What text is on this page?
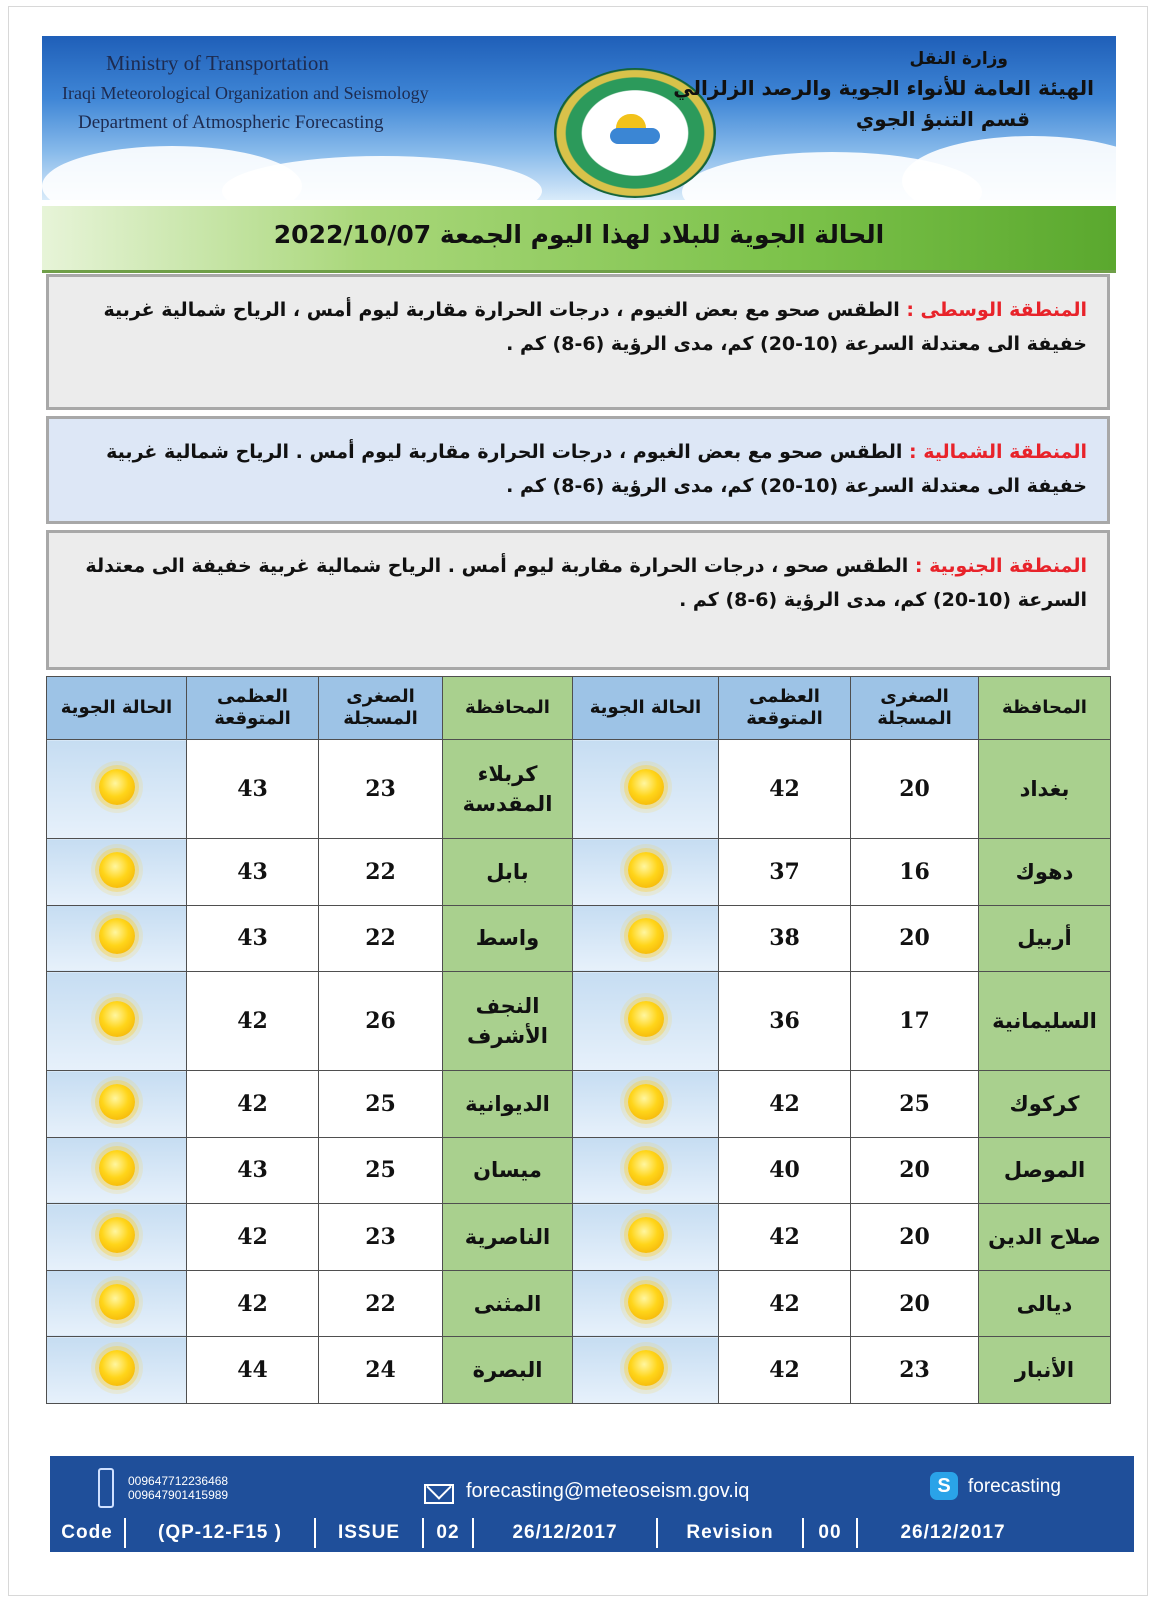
Ministry of Transportation
Iraqi Meteorological Organization and Seismology
Department of Atmospheric Forecasting
وزارة النقل
الهيئة العامة للأنواء الجوية والرصد الزلزالي
قسم التنبؤ الجوي
الحالة الجوية للبلاد لهذا اليوم الجمعة 2022/10/07
المنطقة الوسطى : الطقس صحو مع بعض الغيوم ، درجات الحرارة مقاربة ليوم أمس ، الرياح شمالية غربية خفيفة الى معتدلة السرعة (10-20) كم، مدى الرؤية (6-8) كم .
المنطقة الشمالية : الطقس صحو مع بعض الغيوم ، درجات الحرارة مقاربة ليوم أمس . الرياح شمالية غربية خفيفة الى معتدلة السرعة (10-20) كم، مدى الرؤية (6-8) كم .
المنطقة الجنوبية : الطقس صحو ، درجات الحرارة مقاربة ليوم أمس . الرياح شمالية غربية خفيفة الى معتدلة السرعة (10-20) كم، مدى الرؤية (6-8) كم .
المحافظة	الصغرى المسجلة	العظمى المتوقعة	الحالة الجوية	المحافظة	الصغرى المسجلة	العظمى المتوقعة	الحالة الجوية
بغداد	20	42		كربلاء المقدسة	23	43	
دهوك	16	37		بابل	22	43	
أربيل	20	38		واسط	22	43	
السليمانية	17	36		النجف الأشرف	26	42	
كركوك	25	42		الديوانية	25	42	
الموصل	20	40		ميسان	25	43	
صلاح الدين	20	42		الناصرية	23	42	
ديالى	20	42		المثنى	22	42	
الأنبار	23	42		البصرة	24	44	
009647712236468
009647901415989	forecasting@meteoseism.gov.iq	S forecasting
Code	(QP-12-F15 )	ISSUE	02	26/12/2017	Revision	00	26/12/2017
